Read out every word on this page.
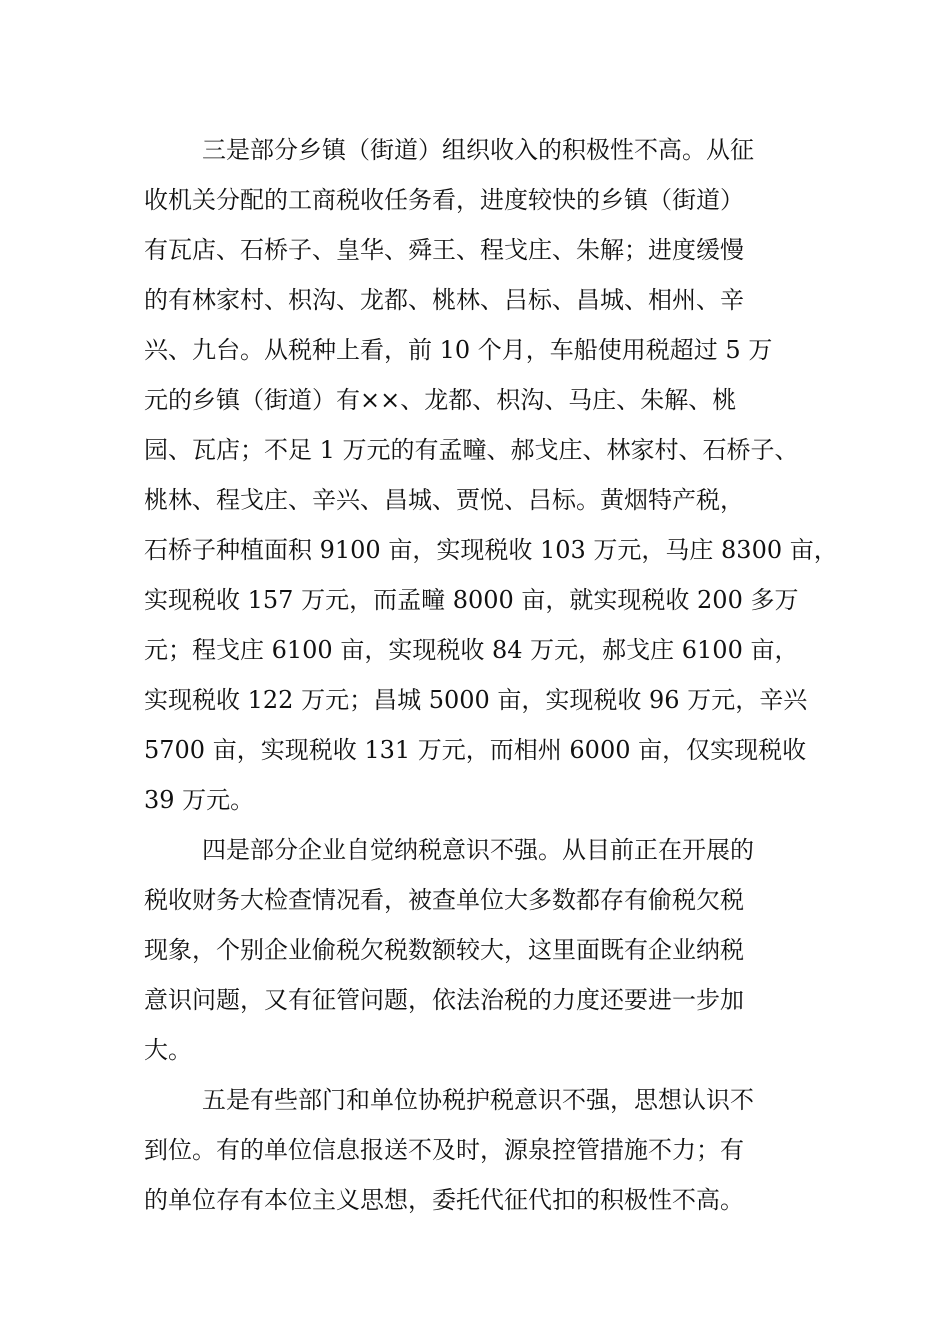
三是部分乡镇（街道）组织收入的积极性不高。从征
收机关分配的工商税收任务看，进度较快的乡镇（街道）
有瓦店、石桥子、皇华、舜王、程戈庄、朱解；进度缓慢
的有林家村、枳沟、龙都、桃林、吕标、昌城、相州、辛
兴、九台。从税种上看，前 10 个月，车船使用税超过 5 万
元的乡镇（街道）有××、龙都、枳沟、马庄、朱解、桃
园、瓦店；不足 1 万元的有孟疃、郝戈庄、林家村、石桥子、
桃林、程戈庄、辛兴、昌城、贾悦、吕标。黄烟特产税，
石桥子种植面积 9100 亩，实现税收 103 万元，马庄 8300 亩，
实现税收 157 万元，而孟疃 8000 亩，就实现税收 200 多万
元；程戈庄 6100 亩，实现税收 84 万元，郝戈庄 6100 亩，
实现税收 122 万元；昌城 5000 亩，实现税收 96 万元，辛兴
5700 亩，实现税收 131 万元，而相州 6000 亩，仅实现税收
39 万元。
四是部分企业自觉纳税意识不强。从目前正在开展的
税收财务大检查情况看，被查单位大多数都存有偷税欠税
现象，个别企业偷税欠税数额较大，这里面既有企业纳税
意识问题，又有征管问题，依法治税的力度还要进一步加
大。
五是有些部门和单位协税护税意识不强，思想认识不
到位。有的单位信息报送不及时，源泉控管措施不力；有
的单位存有本位主义思想，委托代征代扣的积极性不高。
